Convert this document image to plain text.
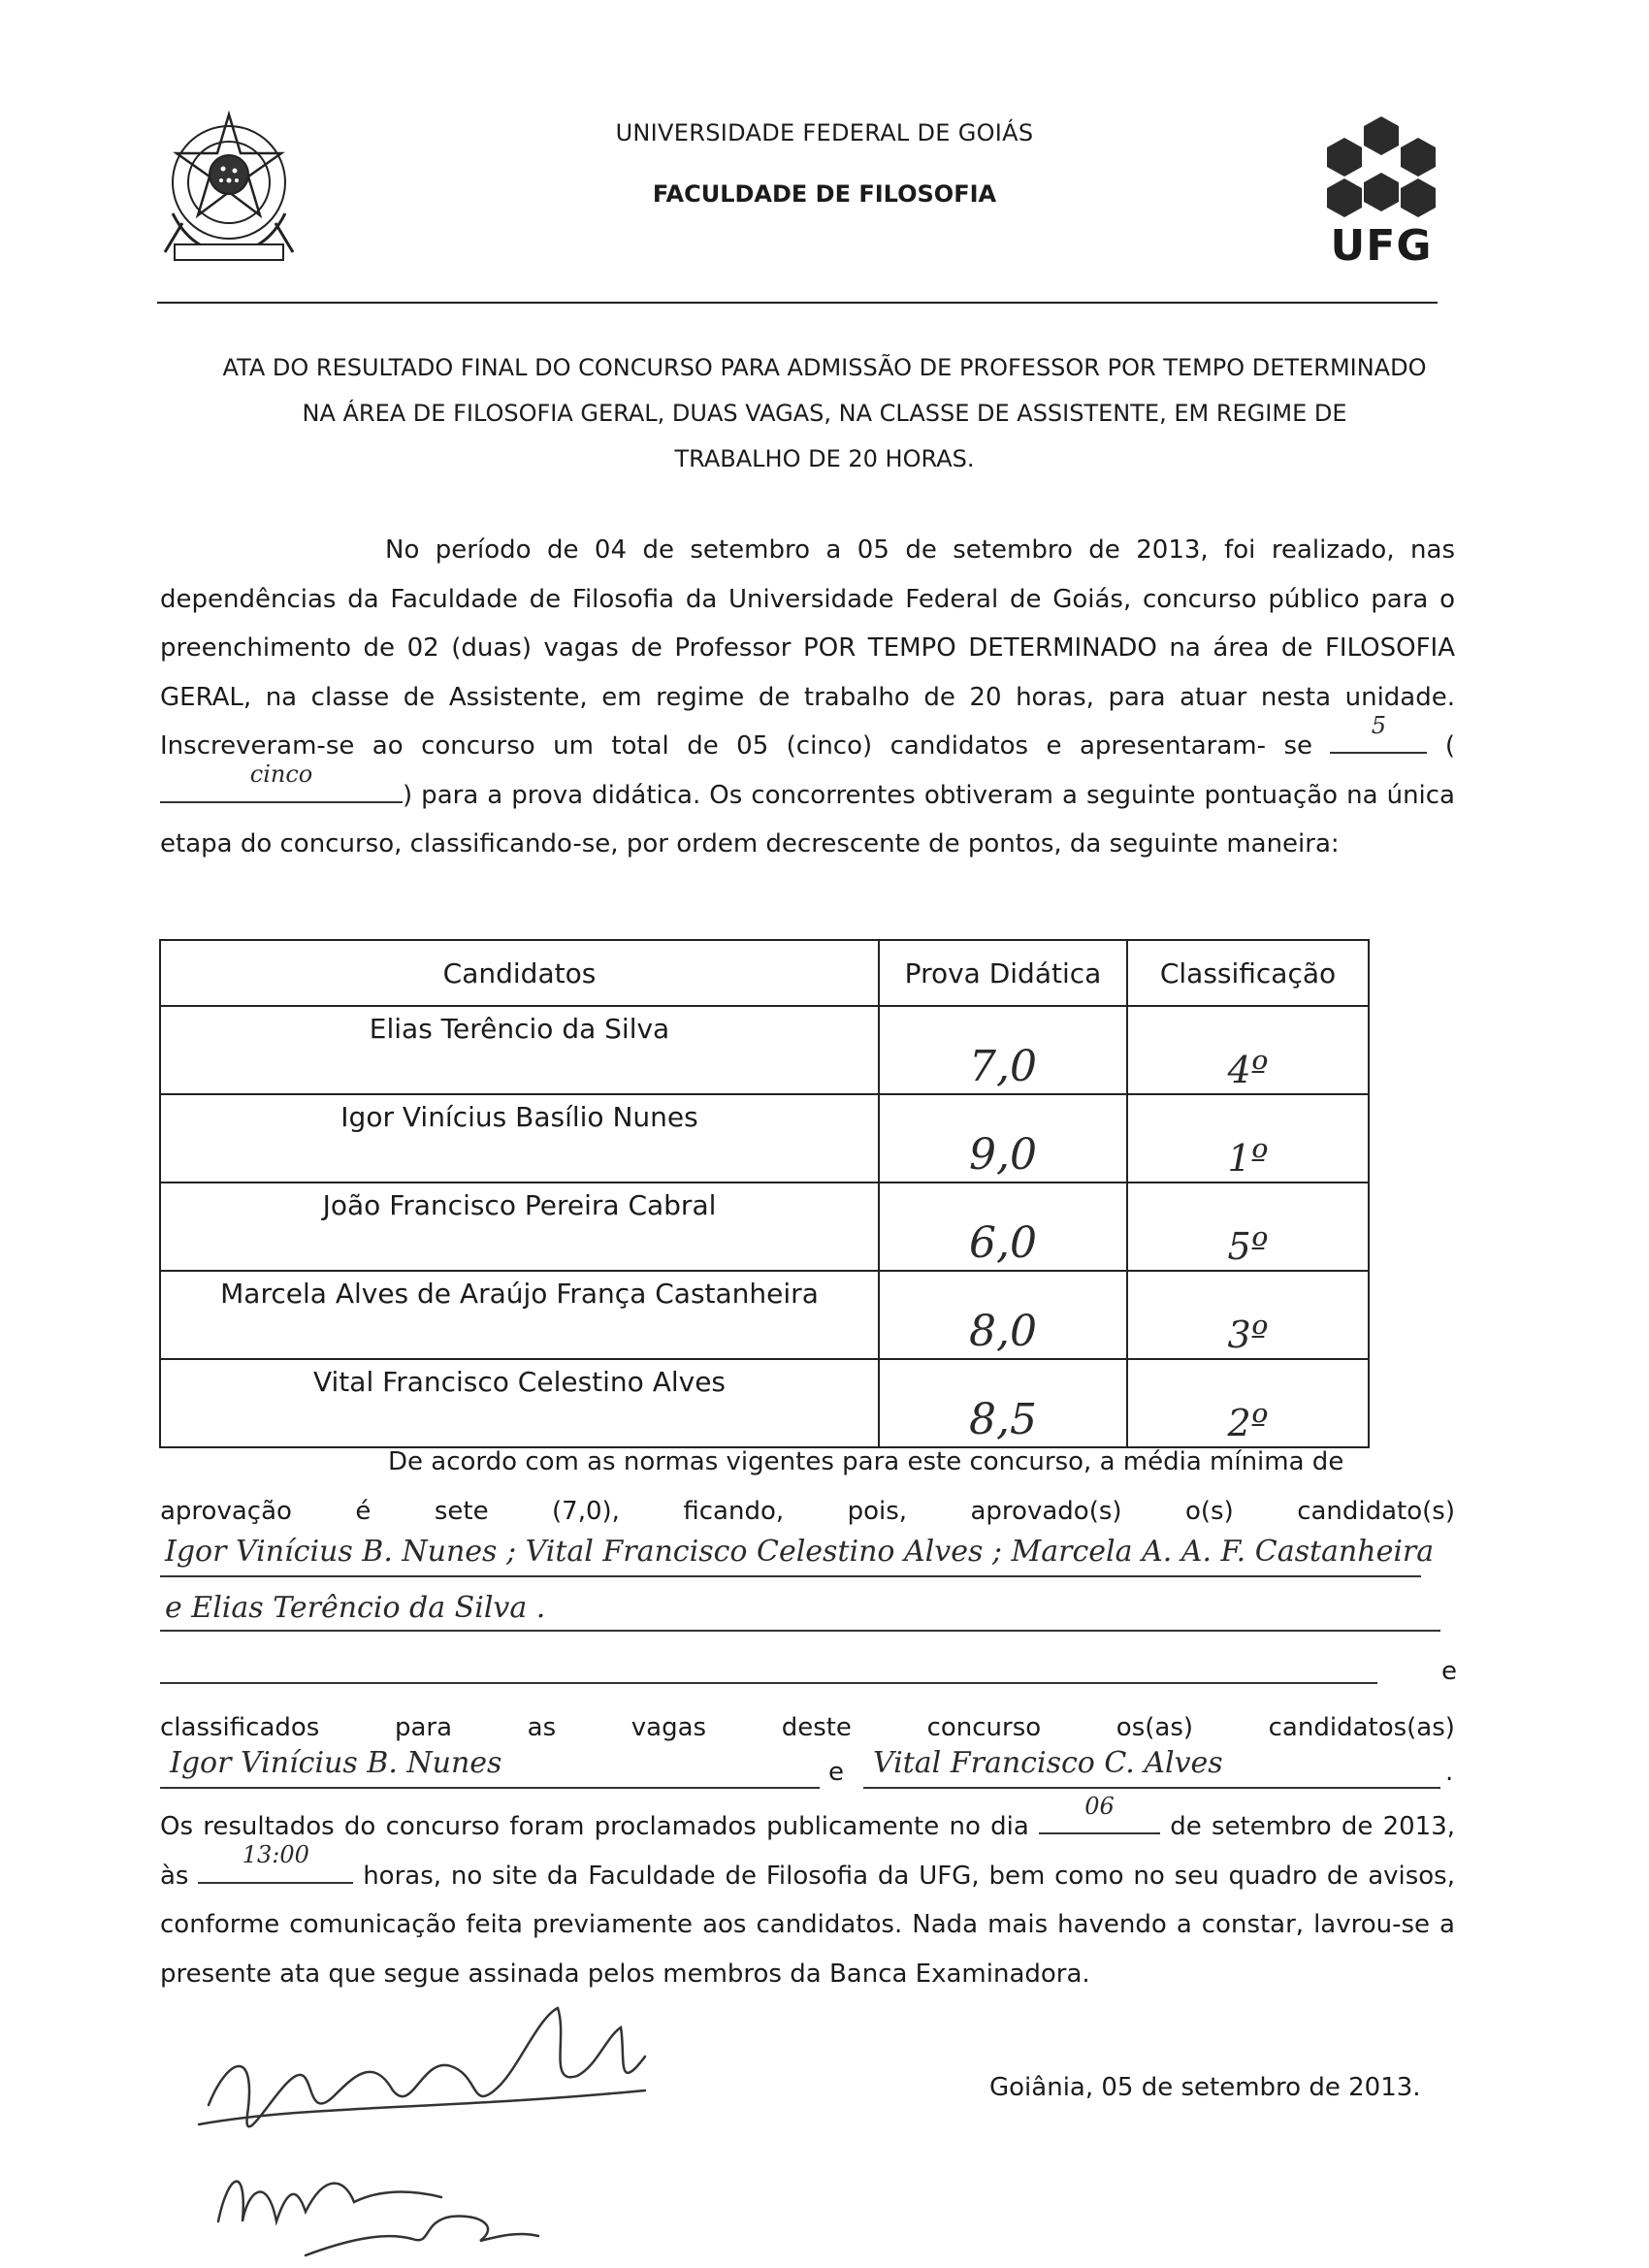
UNIVERSIDADE FEDERAL DE GOIÁS
FACULDADE DE FILOSOFIA
UFG
ATA DO RESULTADO FINAL DO CONCURSO PARA ADMISSÃO DE PROFESSOR POR TEMPO DETERMINADO
NA ÁREA DE FILOSOFIA GERAL, DUAS VAGAS, NA CLASSE DE ASSISTENTE, EM REGIME DE
TRABALHO DE 20 HORAS.
No período de 04 de setembro a 05 de setembro de 2013, foi realizado, nas dependências da Faculdade de Filosofia da Universidade Federal de Goiás, concurso público para o preenchimento de 02 (duas) vagas de Professor POR TEMPO DETERMINADO na área de FILOSOFIA GERAL, na classe de Assistente, em regime de trabalho de 20 horas, para atuar nesta unidade. Inscreveram-se ao concurso um total de 05 (cinco) candidatos e apresentaram- se
5
(
cinco
) para a prova didática. Os concorrentes obtiveram a seguinte pontuação na única etapa do concurso, classificando-se, por ordem decrescente de pontos, da seguinte maneira:
Candidatos	Prova Didática	Classificação
Elias Terêncio da Silva	7,0	4º
Igor Vinícius Basílio Nunes	9,0	1º
João Francisco Pereira Cabral	6,0	5º
Marcela Alves de Araújo França Castanheira	8,0	3º
Vital Francisco Celestino Alves	8,5	2º
De acordo com as normas vigentes para este concurso, a média mínima de
aprovação	é	sete	(7,0),	ficando,	pois,	aprovado(s)	o(s)	candidato(s)
Igor Vinícius B. Nunes ; Vital Francisco Celestino Alves ; Marcela A. A. F. Castanheira
e Elias Terêncio da Silva .
e
classificados	para	as	vagas	deste	concurso	os(as)	candidatos(as)
Igor Vinícius B. Nunes	e Vital Francisco C. Alves	.
Os resultados do concurso foram proclamados publicamente no dia
06
de setembro de 2013, às
13:00
horas, no site da Faculdade de Filosofia da UFG, bem como no seu quadro de avisos, conforme comunicação feita previamente aos candidatos. Nada mais havendo a constar, lavrou-se a presente ata que segue assinada pelos membros da Banca Examinadora.
Goiânia, 05 de setembro de 2013.
